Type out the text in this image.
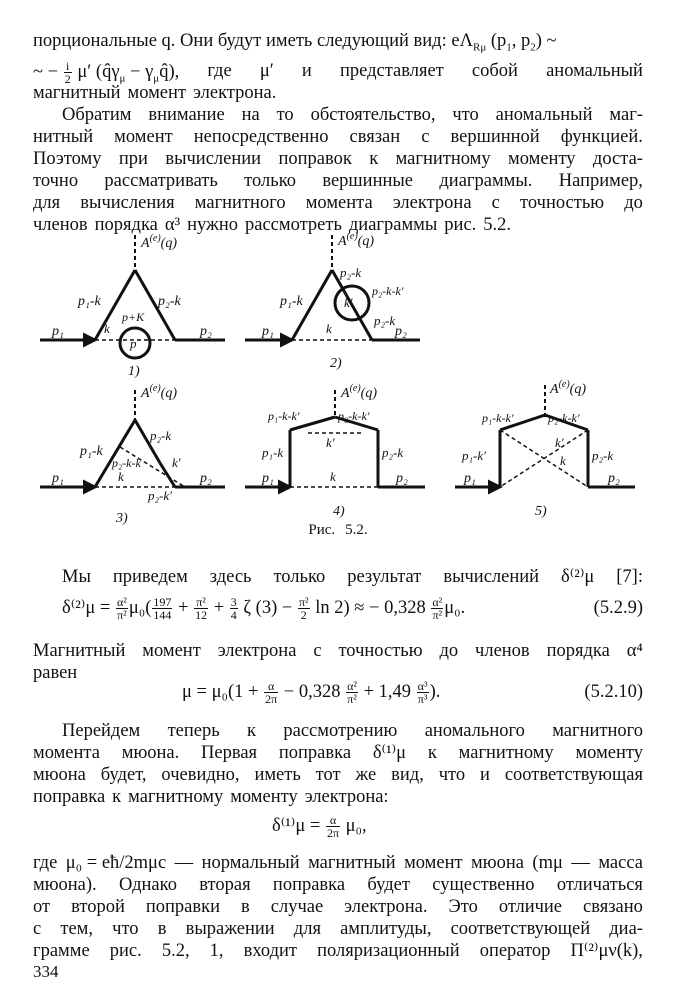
порциональные q. Они будут иметь следующий вид: $e\Lambda_{R\mu}$ ($p_1$, $p_2$) ~
~ − $\frac{i}{2} \mu'$ ($q̂\gamma_\mu$ − $\gamma_\mu q̂$), где μ′ и представляет собой аномальный
магнитный момент электрона.
Обратим внимание на то обстоятельство, что аномальный маг-
нитный момент непосредственно связан с вершинной функцией.
Поэтому при вычислении поправок к магнитному моменту доста-
точно рассматривать только вершинные диаграммы. Например,
для вычисления магнитного момента электрона с точностью до
членов порядка α³ нужно рассмотреть диаграммы рис. 5.2.
$A^{(e)}(q)$
p₁-k	p₂-k
p₁	p₂
k
p+K
p
1)
$A^{(e)}(q)$
p₁-k
p₂-k
p₂-k-k′
p₂-k
k′
p₁	p₂
k
2)
$A^{(e)}(q)$
p₁-k
p₂-k
p₂-k-k k′
k
p₂-k′
p₁	p₂
3)
$A^{(e)}(q)$
p₁-k-k′	p₂-k-k′
k′
p₁-k	p₂-k
k
p₁	p₂
4)
$A^{(e)}(q)$
p₁-k-k′	p₂-k-k′
k′
k
p₁-k′	p₂-k
p₁	p₂
5)
Рис. 5.2.
Мы приведем здесь только результат вычислений δ⁽²⁾μ [7]:
$\delta^{(2)}\mu = \frac{\text{α²}}{\text{π²}} \mu_0( \frac{197}{144} + \frac{\text{π²}}{12} + \frac{3}{4}$ ζ $(3) - \frac{\text{π²}}{2}$ ln 2) ≈ − $0,328 \frac{\text{α²}}{\text{π²}} \mu_0$.	(5.2.9)
Магнитный момент электрона с точностью до членов порядка α⁴
равен
$\mu = \mu_0(1 + \frac{\alpha}{2\pi} - 0,328 \frac{\text{α²}}{\text{π²}} + 1,49 \frac{\text{α³}}{\text{π³}}$ ).	(5.2.10)
Перейдем теперь к рассмотрению аномального магнитного
момента мюона. Первая поправка δ⁽¹⁾μ к магнитному моменту
мюона будет, очевидно, иметь тот же вид, что и соответствующая
поправка к магнитному моменту электрона:
$\delta^{(1)}\mu = \frac{\alpha}{2\pi} \mu_0$,
где μ₀ = eħ/2mμc — нормальный магнитный момент мюона (mμ — масса
мюона). Однако вторая поправка будет существенно отличаться
от второй поправки в случае электрона. Это отличие связано
с тем, что в выражении для амплитуды, соответствующей диа-
грамме рис. 5.2, 1, входит поляризационный оператор Π⁽²⁾μν(k),
334
